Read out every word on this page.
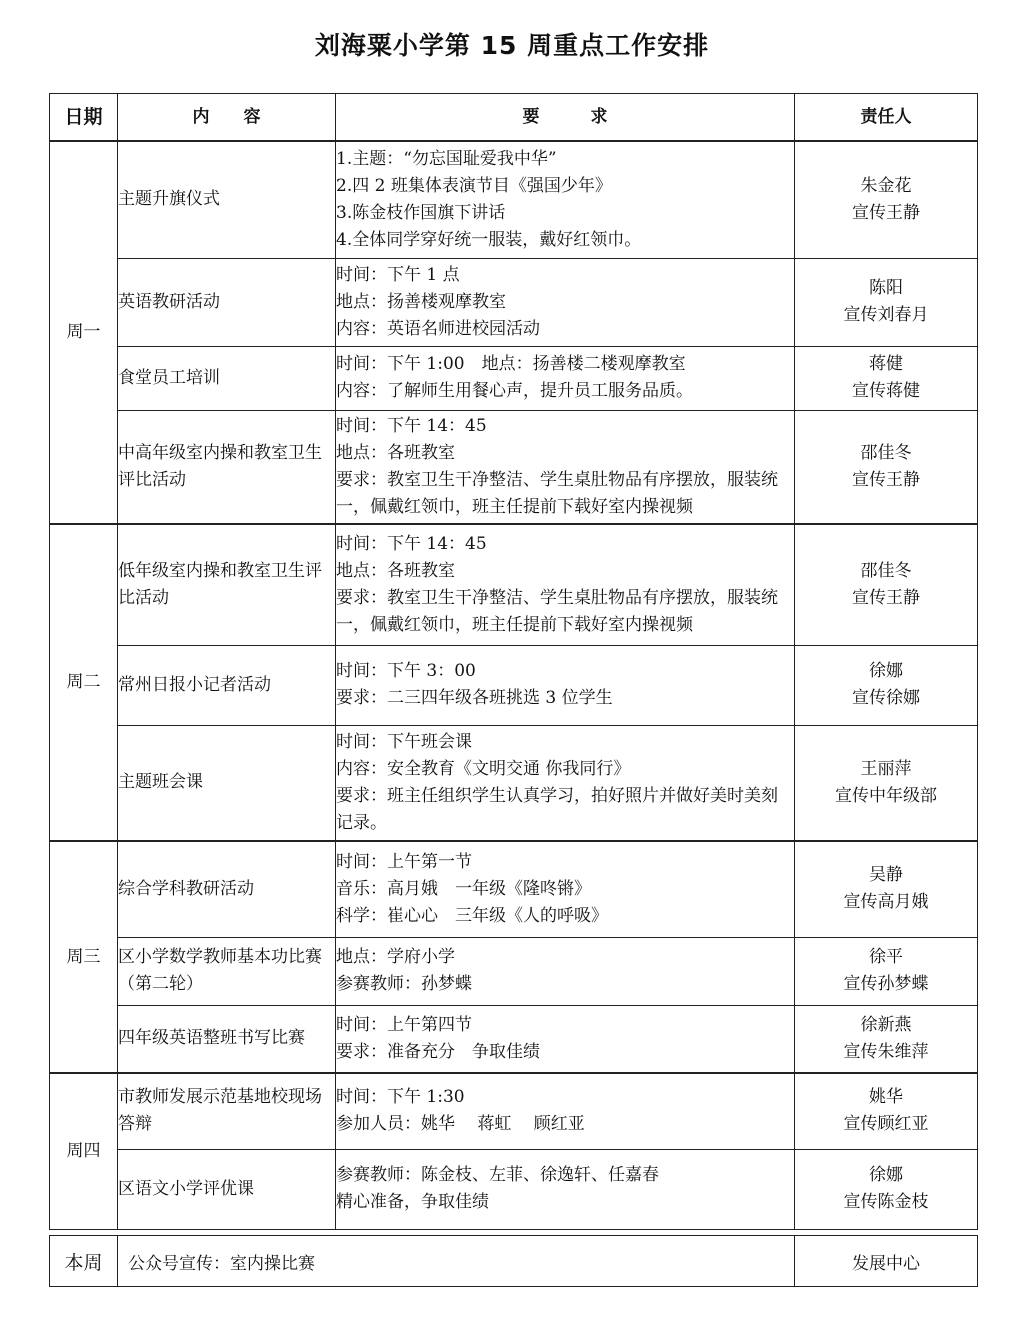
刘海粟小学第 15 周重点工作安排
日期	内　　容	要　　　求	责任人
周一	主题升旗仪式	1.主题：“勿忘国耻爱我中华”
2.四 2 班集体表演节目《强国少年》
3.陈金枝作国旗下讲话
4.全体同学穿好统一服装，戴好红领巾。	朱金花
宣传王静

	英语教研活动	时间：下午 1 点
地点：扬善楼观摩教室
内容：英语名师进校园活动	陈阳
宣传刘春月

	食堂员工培训	时间：下午 1:00　地点：扬善楼二楼观摩教室
内容：了解师生用餐心声，提升员工服务品质。	蒋健
宣传蒋健

	中高年级室内操和教室卫生评比活动	时间：下午 14：45
地点：各班教室
要求：教室卫生干净整洁、学生桌肚物品有序摆放，服装统一，佩戴红领巾，班主任提前下载好室内操视频	邵佳冬
宣传王静

周二	低年级室内操和教室卫生评比活动	时间：下午 14：45
地点：各班教室
要求：教室卫生干净整洁、学生桌肚物品有序摆放，服装统一，佩戴红领巾，班主任提前下载好室内操视频	邵佳冬
宣传王静

	常州日报小记者活动	时间：下午 3：00
要求：二三四年级各班挑选 3 位学生	徐娜
宣传徐娜

	主题班会课	时间：下午班会课
内容：安全教育《文明交通 你我同行》
要求：班主任组织学生认真学习，拍好照片并做好美时美刻记录。	王丽萍
宣传中年级部

周三	综合学科教研活动	时间：上午第一节
音乐：高月娥　一年级《隆咚锵》
科学：崔心心　三年级《人的呼吸》	吴静
宣传高月娥

	区小学数学教师基本功比赛（第二轮）	地点：学府小学
参赛教师：孙梦蝶	徐平
宣传孙梦蝶

	四年级英语整班书写比赛	时间：上午第四节
要求：准备充分　争取佳绩	徐新燕
宣传朱维萍

周四	市教师发展示范基地校现场答辩	时间：下午 1:30
参加人员：姚华　 蒋虹　 顾红亚	姚华
宣传顾红亚

	区语文小学评优课	参赛教师：陈金枝、左菲、徐逸轩、任嘉春
精心准备，争取佳绩	徐娜
宣传陈金枝
本周	公众号宣传：室内操比赛	发展中心
